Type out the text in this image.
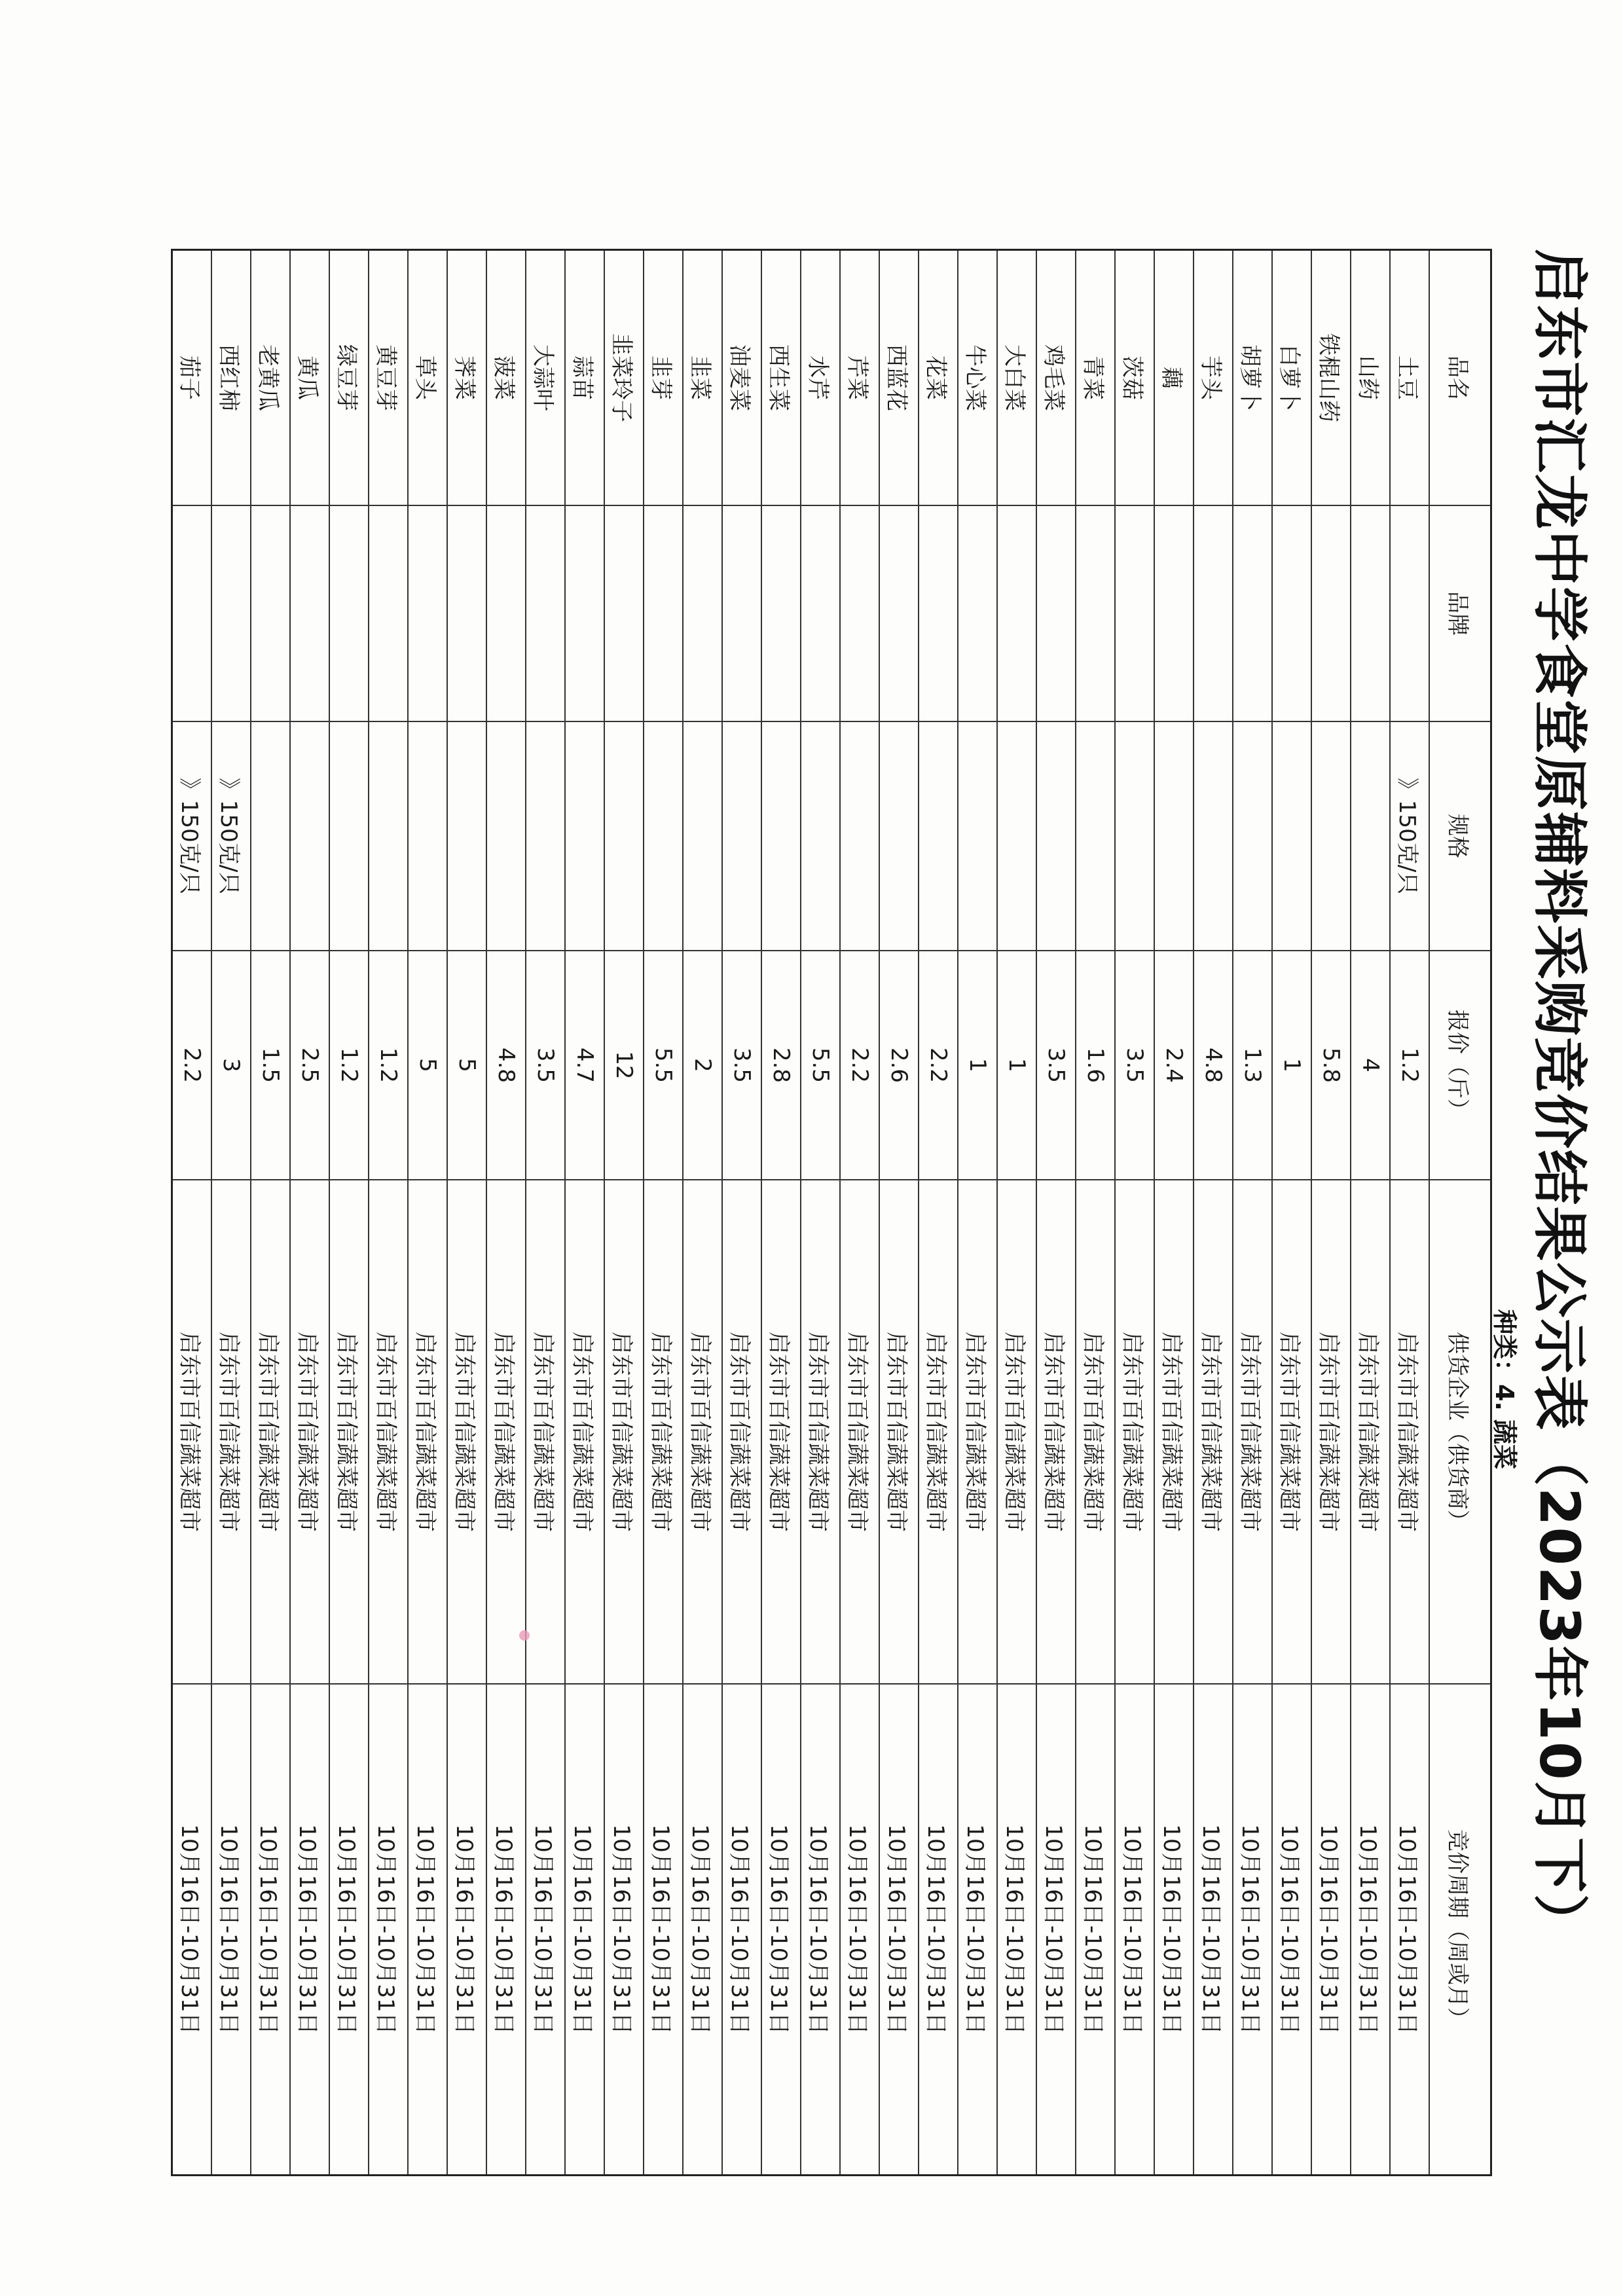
启东市汇龙中学食堂原辅料采购竞价结果公示表（2023年10月下）
种类：4. 蔬菜
品名	品牌	规格	报价（斤）	供货企业（供货商）	竞价周期（周或月）
土豆		》150克/只	1.2	启东市百信蔬菜超市	10月16日-10月31日
山药			4	启东市百信蔬菜超市	10月16日-10月31日
铁棍山药			5.8	启东市百信蔬菜超市	10月16日-10月31日
白萝卜			1	启东市百信蔬菜超市	10月16日-10月31日
胡萝卜			1.3	启东市百信蔬菜超市	10月16日-10月31日
芋头			4.8	启东市百信蔬菜超市	10月16日-10月31日
藕			2.4	启东市百信蔬菜超市	10月16日-10月31日
茨菇			3.5	启东市百信蔬菜超市	10月16日-10月31日
青菜			1.6	启东市百信蔬菜超市	10月16日-10月31日
鸡毛菜			3.5	启东市百信蔬菜超市	10月16日-10月31日
大白菜			1	启东市百信蔬菜超市	10月16日-10月31日
牛心菜			1	启东市百信蔬菜超市	10月16日-10月31日
花菜			2.2	启东市百信蔬菜超市	10月16日-10月31日
西蓝花			2.6	启东市百信蔬菜超市	10月16日-10月31日
芹菜			2.2	启东市百信蔬菜超市	10月16日-10月31日
水芹			5.5	启东市百信蔬菜超市	10月16日-10月31日
西生菜			2.8	启东市百信蔬菜超市	10月16日-10月31日
油麦菜			3.5	启东市百信蔬菜超市	10月16日-10月31日
韭菜			2	启东市百信蔬菜超市	10月16日-10月31日
韭芽			5.5	启东市百信蔬菜超市	10月16日-10月31日
韭菜玲子			12	启东市百信蔬菜超市	10月16日-10月31日
蒜苗			4.7	启东市百信蔬菜超市	10月16日-10月31日
大蒜叶			3.5	启东市百信蔬菜超市	10月16日-10月31日
菠菜			4.8	启东市百信蔬菜超市	10月16日-10月31日
荠菜			5	启东市百信蔬菜超市	10月16日-10月31日
草头			5	启东市百信蔬菜超市	10月16日-10月31日
黄豆芽			1.2	启东市百信蔬菜超市	10月16日-10月31日
绿豆芽			1.2	启东市百信蔬菜超市	10月16日-10月31日
黄瓜			2.5	启东市百信蔬菜超市	10月16日-10月31日
老黄瓜			1.5	启东市百信蔬菜超市	10月16日-10月31日
西红柿		》150克/只	3	启东市百信蔬菜超市	10月16日-10月31日
茄子		》150克/只	2.2	启东市百信蔬菜超市	10月16日-10月31日
